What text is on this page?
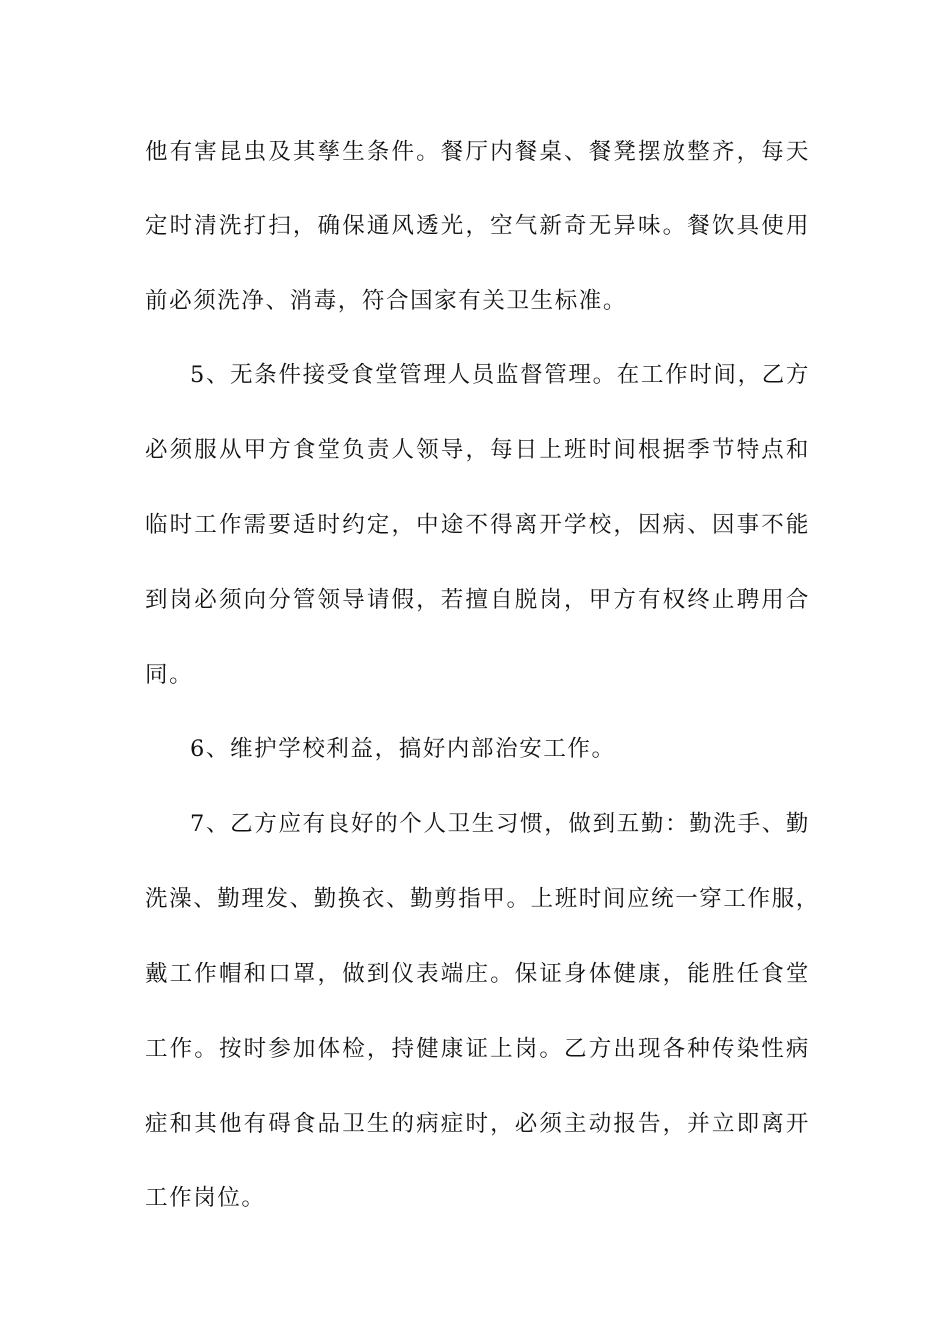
他有害昆虫及其孳生条件。餐厅内餐桌、餐凳摆放整齐，每天
定时清洗打扫，确保通风透光，空气新奇无异味。餐饮具使用
前必须洗净、消毒，符合国家有关卫生标准。
5、无条件接受食堂管理人员监督管理。在工作时间，乙方
必须服从甲方食堂负责人领导，每日上班时间根据季节特点和
临时工作需要适时约定，中途不得离开学校，因病、因事不能
到岗必须向分管领导请假，若擅自脱岗，甲方有权终止聘用合
同。
6、维护学校利益，搞好内部治安工作。
7、乙方应有良好的个人卫生习惯，做到五勤：勤洗手、勤
洗澡、勤理发、勤换衣、勤剪指甲。上班时间应统一穿工作服，
戴工作帽和口罩，做到仪表端庄。保证身体健康，能胜任食堂
工作。按时参加体检，持健康证上岗。乙方出现各种传染性病
症和其他有碍食品卫生的病症时，必须主动报告，并立即离开
工作岗位。
